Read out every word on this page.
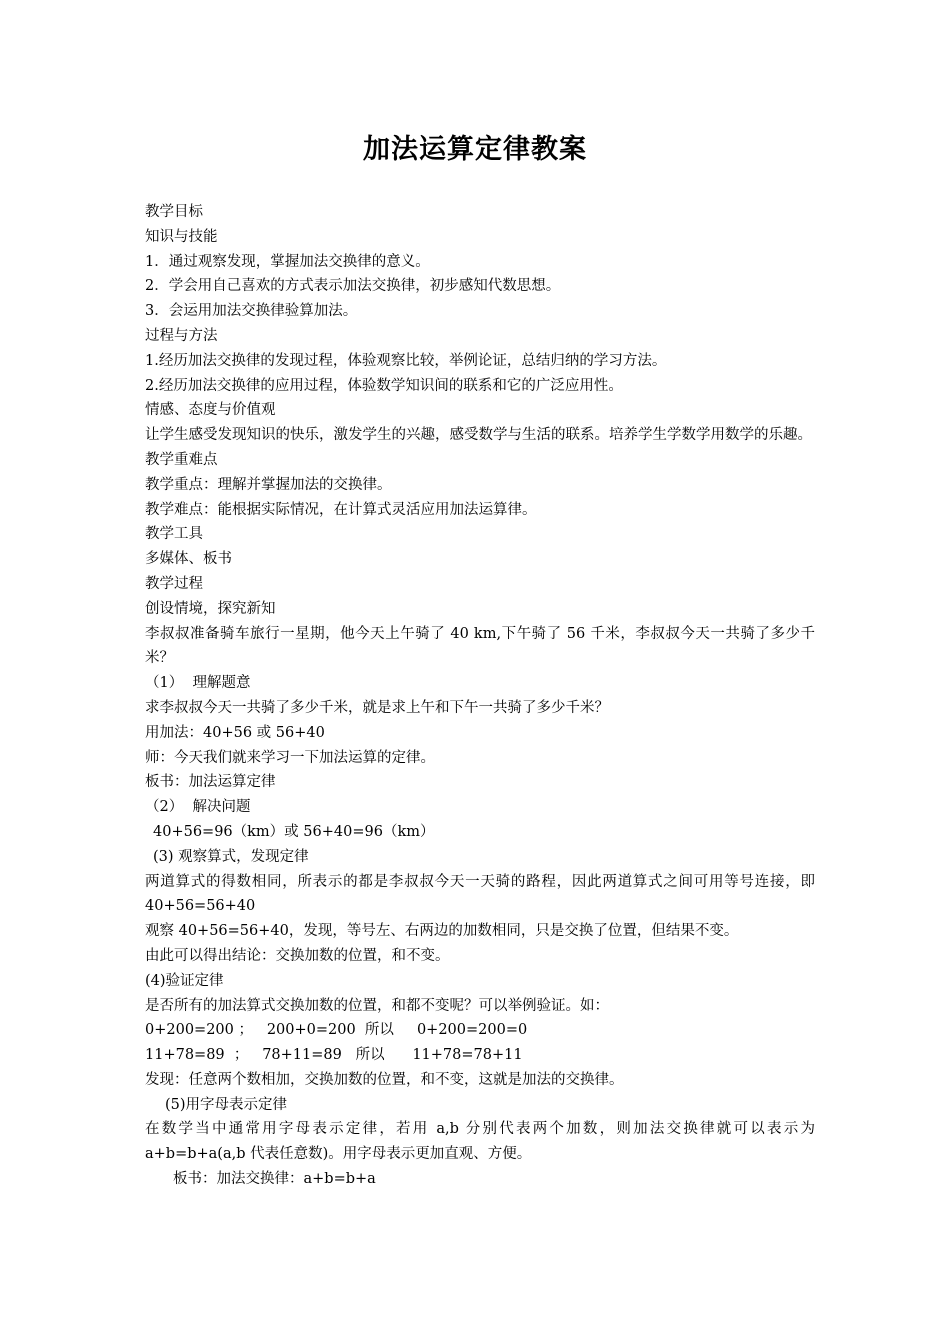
加法运算定律教案

教学目标

知识与技能

1．通过观察发现，掌握加法交换律的意义。

2．学会用自己喜欢的方式表示加法交换律，初步感知代数思想。

3．会运用加法交换律验算加法。

过程与方法

1.经历加法交换律的发现过程，体验观察比较，举例论证，总结归纳的学习方法。

2.经历加法交换律的应用过程，体验数学知识间的联系和它的广泛应用性。

情感、态度与价值观

让学生感受发现知识的快乐，激发学生的兴趣，感受数学与生活的联系。培养学生学数学用数学的乐趣。

教学重难点

教学重点：理解并掌握加法的交换律。

教学难点：能根据实际情况，在计算式灵活应用加法运算律。

教学工具

多媒体、板书

教学过程

创设情境，探究新知

李叔叔准备骑车旅行一星期，他今天上午骑了 40 km,下午骑了 56 千米，李叔叔今天一共骑了多少千米？

（1）  理解题意

求李叔叔今天一共骑了多少千米，就是求上午和下午一共骑了多少千米？

用加法：40+56 或 56+40

师：今天我们就来学习一下加法运算的定律。

板书：加法运算定律

（2）  解决问题

40+56=96（km）或 56+40=96（km）

(3) 观察算式，发现定律

两道算式的得数相同，所表示的都是李叔叔今天一天骑的路程，因此两道算式之间可用等号连接，即 40+56=56+40

观察 40+56=56+40，发现，等号左、右两边的加数相同，只是交换了位置，但结果不变。

由此可以得出结论：交换加数的位置，和不变。

(4)验证定律

是否所有的加法算式交换加数的位置，和都不变呢？可以举例验证。如：

0+200=200 ；   200+0=200  所以     0+200=200=0

11+78=89  ；   78+11=89   所以      11+78=78+11

发现：任意两个数相加，交换加数的位置，和不变，这就是加法的交换律。

(5)用字母表示定律

在数学当中通常用字母表示定律，若用 a,b 分别代表两个加数，则加法交换律就可以表示为 a+b=b+a(a,b 代表任意数)。用字母表示更加直观、方便。

板书：加法交换律：a+b=b+a
